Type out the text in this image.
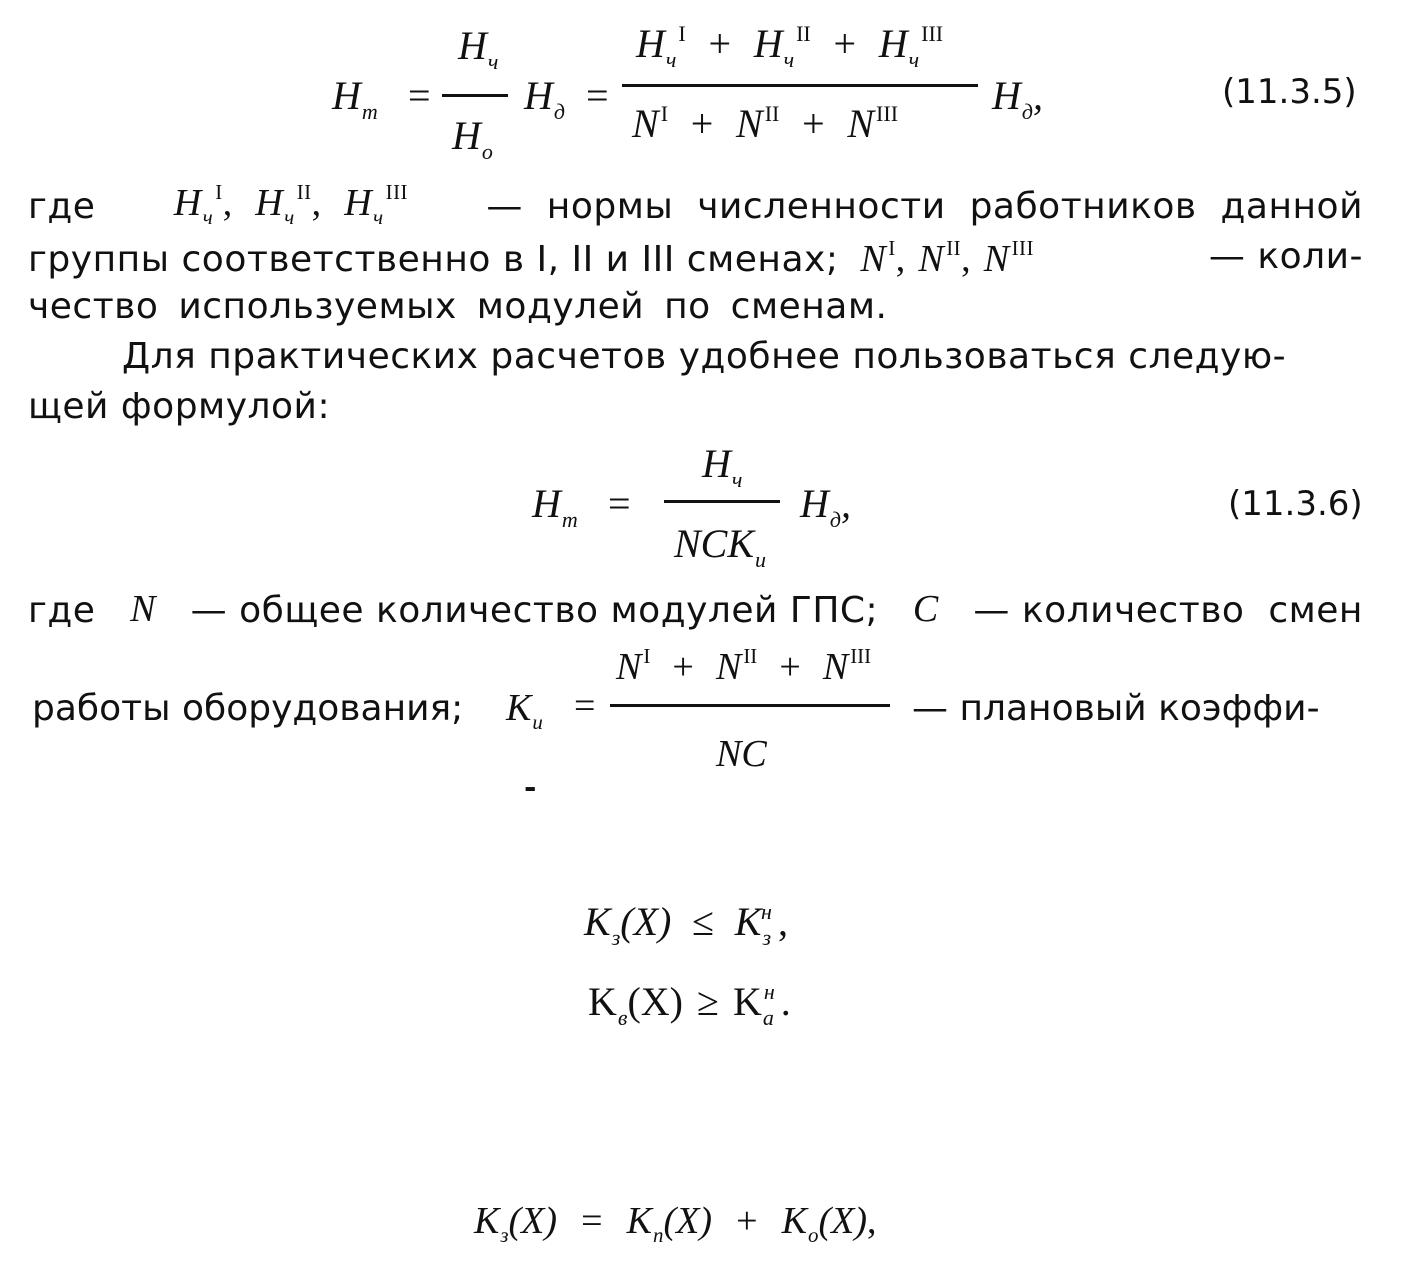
$H_m$ =
$H_ч$
$H_о$
$H_д$ =
$H_ч^I + H_ч^{II} + H_ч^{III}$
$N^I + N^{II} + N^{III}$ $H_д$,	(11.3.5)
где $H_ч^I$, $H_ч^{II}$, $H_ч^{III}$ — нормы численности работников данной
группы соответственно в I, II и III сменах; $N^I$, $N^{II}$, $N^{III}$	— коли-
чество используемых модулей по сменам.
Для практических расчетов удобнее пользоваться следую-
щей формулой:
$H_m$ =
$H_ч$
$NCK_и$
$H_д$,	(11.3.6)
где N — общее количество модулей ГПС; C — количество  смен
работы оборудования; $K_и$ =
$N^I + N^{II} + N^{III}$
NC
— плановый коэффи-
-
$K_з(X) \le K_з^н$ ,
$K_в(X) \ge K_а^н$ .
$K_з(X) = K_п(X) + K_о(X)$,
